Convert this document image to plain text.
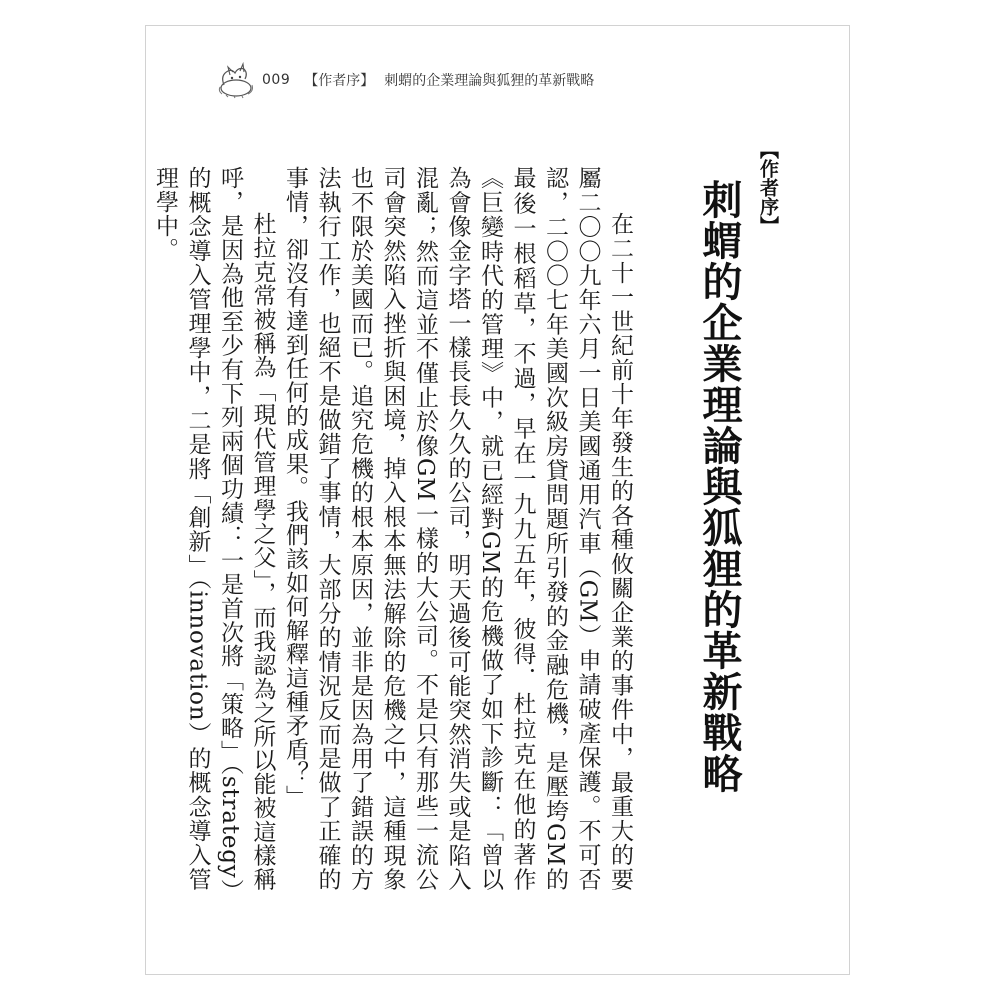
009 【作者序】 刺蝟的企業理論與狐狸的革新戰略
【作者序】
刺蝟的企業理論與狐狸的革新戰略

在二十一世紀前十年發生的各種攸關企業的事件中，最重大的要屬二〇〇九年六月一日美國通用汽車（GM）申請破產保護。不可否認，二〇〇七年美國次級房貸問題所引發的金融危機，是壓垮GM的最後一根稻草，不過，早在一九九五年，彼得．杜拉克在他的著作《巨變時代的管理》中，就已經對GM的危機做了如下診斷：「曾以為會像金字塔一樣長長久久的公司，明天過後可能突然消失或是陷入混亂；然而這並不僅止於像GM一樣的大公司。不是只有那些一流公司會突然陷入挫折與困境，掉入根本無法解除的危機之中，這種現象也不限於美國而已。追究危機的根本原因，並非是因為用了錯誤的方法執行工作，也絕不是做錯了事情，大部分的情況反而是做了正確的事情，卻沒有達到任何的成果。我們該如何解釋這種矛盾？」

杜拉克常被稱為「現代管理學之父」，而我認為之所以能被這樣稱呼，是因為他至少有下列兩個功績：一是首次將「策略」（strategy）的概念導入管理學中，二是將「創新」（innovation）的概念導入管理學中。
